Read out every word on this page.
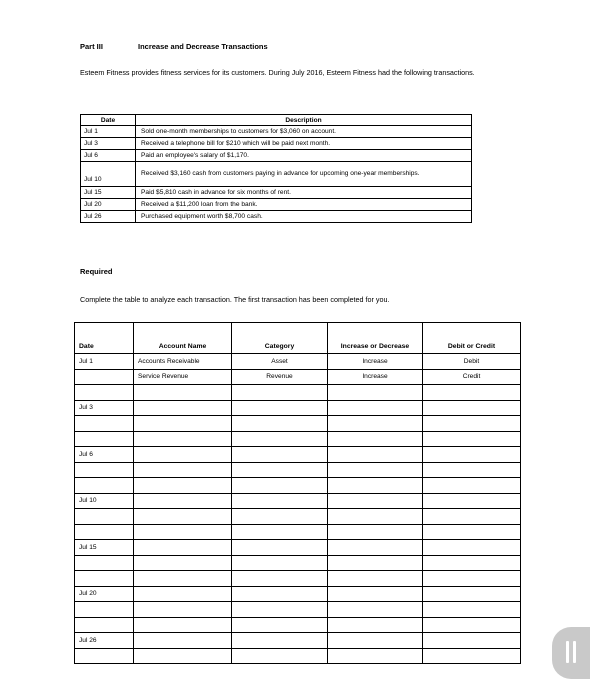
Part III	Increase and Decrease Transactions
Esteem Fitness provides fitness services for its customers. During July 2016, Esteem Fitness had the following transactions.
Date	Description
Jul 1	Sold one-month memberships to customers for $3,060 on account.
Jul 3	Received a telephone bill for $210 which will be paid next month.
Jul 6	Paid an employee's salary of $1,170.
Jul 10	Received $3,160 cash from customers paying in advance for upcoming one-year memberships.
Jul 15	Paid $5,810 cash in advance for six months of rent.
Jul 20	Received a $11,200 loan from the bank.
Jul 26	Purchased equipment worth $8,700 cash.
Required
Complete the table to analyze each transaction. The first transaction has been completed for you.
Date	Account Name	Category	Increase or Decrease	Debit or Credit
Jul 1	Accounts Receivable	Asset	Increase	Debit
	Service Revenue	Revenue	Increase	Credit

Jul 3				

Jul 6				

Jul 10				

Jul 15				

Jul 20				

Jul 26				
